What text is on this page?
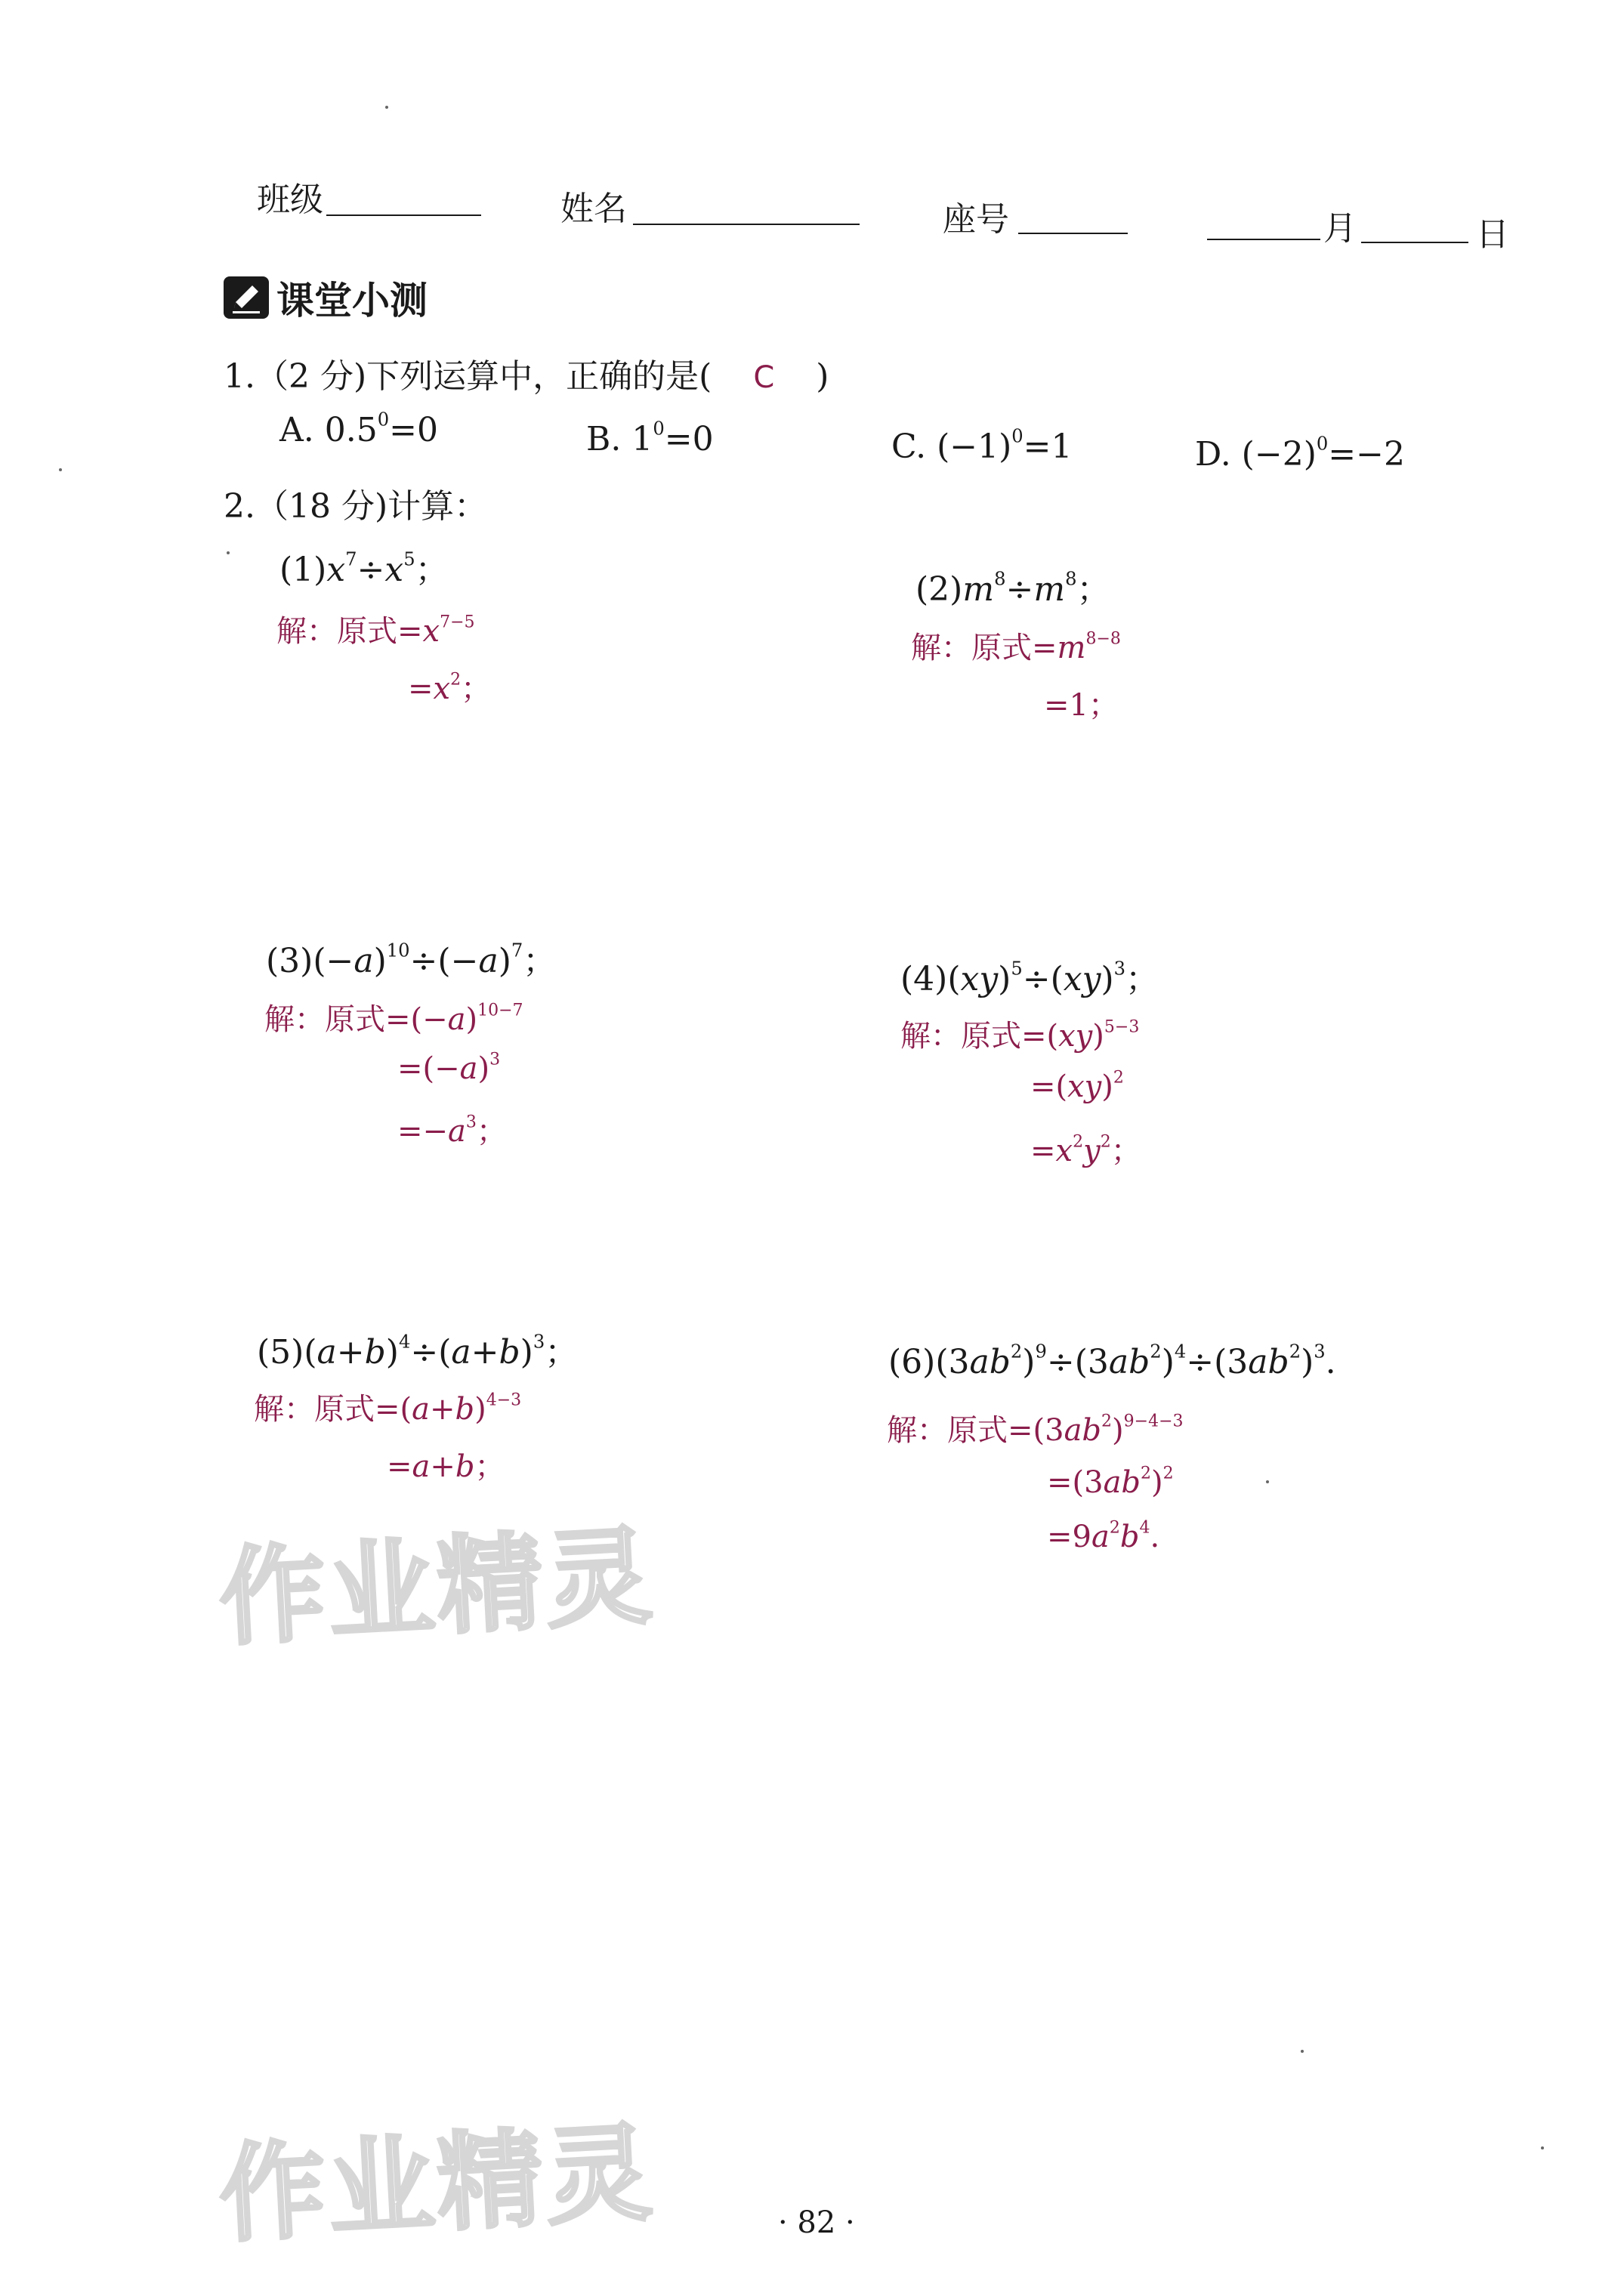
班级	姓名	座号	月	日
课堂小测
1.（2 分)下列运算中，正确的是( C )
A. $0.5^0=0$	B. $1^0=0$	C. $(-1)^0=1$	D. $(-2)^0=-2$
2.（18 分)计算：
$(1)x^7\div x^5$；
解：原式$=x^{7-5}$
$=x^2$；
$(2)m^8\div m^8$；
解：原式$=m^{8-8}$
=1；
$(3)(-a)^{10}\div(-a)^7$；
解：原式$=(-a)^{10-7}$
$=(-a)^3$
$=-a^3$；
(4)(xy)$^5$÷(xy)$^3$；
解：原式=(xy)$^{5-3}$
=(xy)$^2$
$=x^2y^2$；
$(5)(a+b)^4\div(a+b)^3$；
解：原式$=(a+b)^{4-3}$
=a+b；
$(6)(3ab^2)^9\div(3ab^2)^4\div(3ab^2)^3$.
解：原式$=(3ab^2)^{9-4-3}$
$=(3ab^2)^2$
$=9a^2b^4$.
作业精灵
作业精灵	· 82 ·
